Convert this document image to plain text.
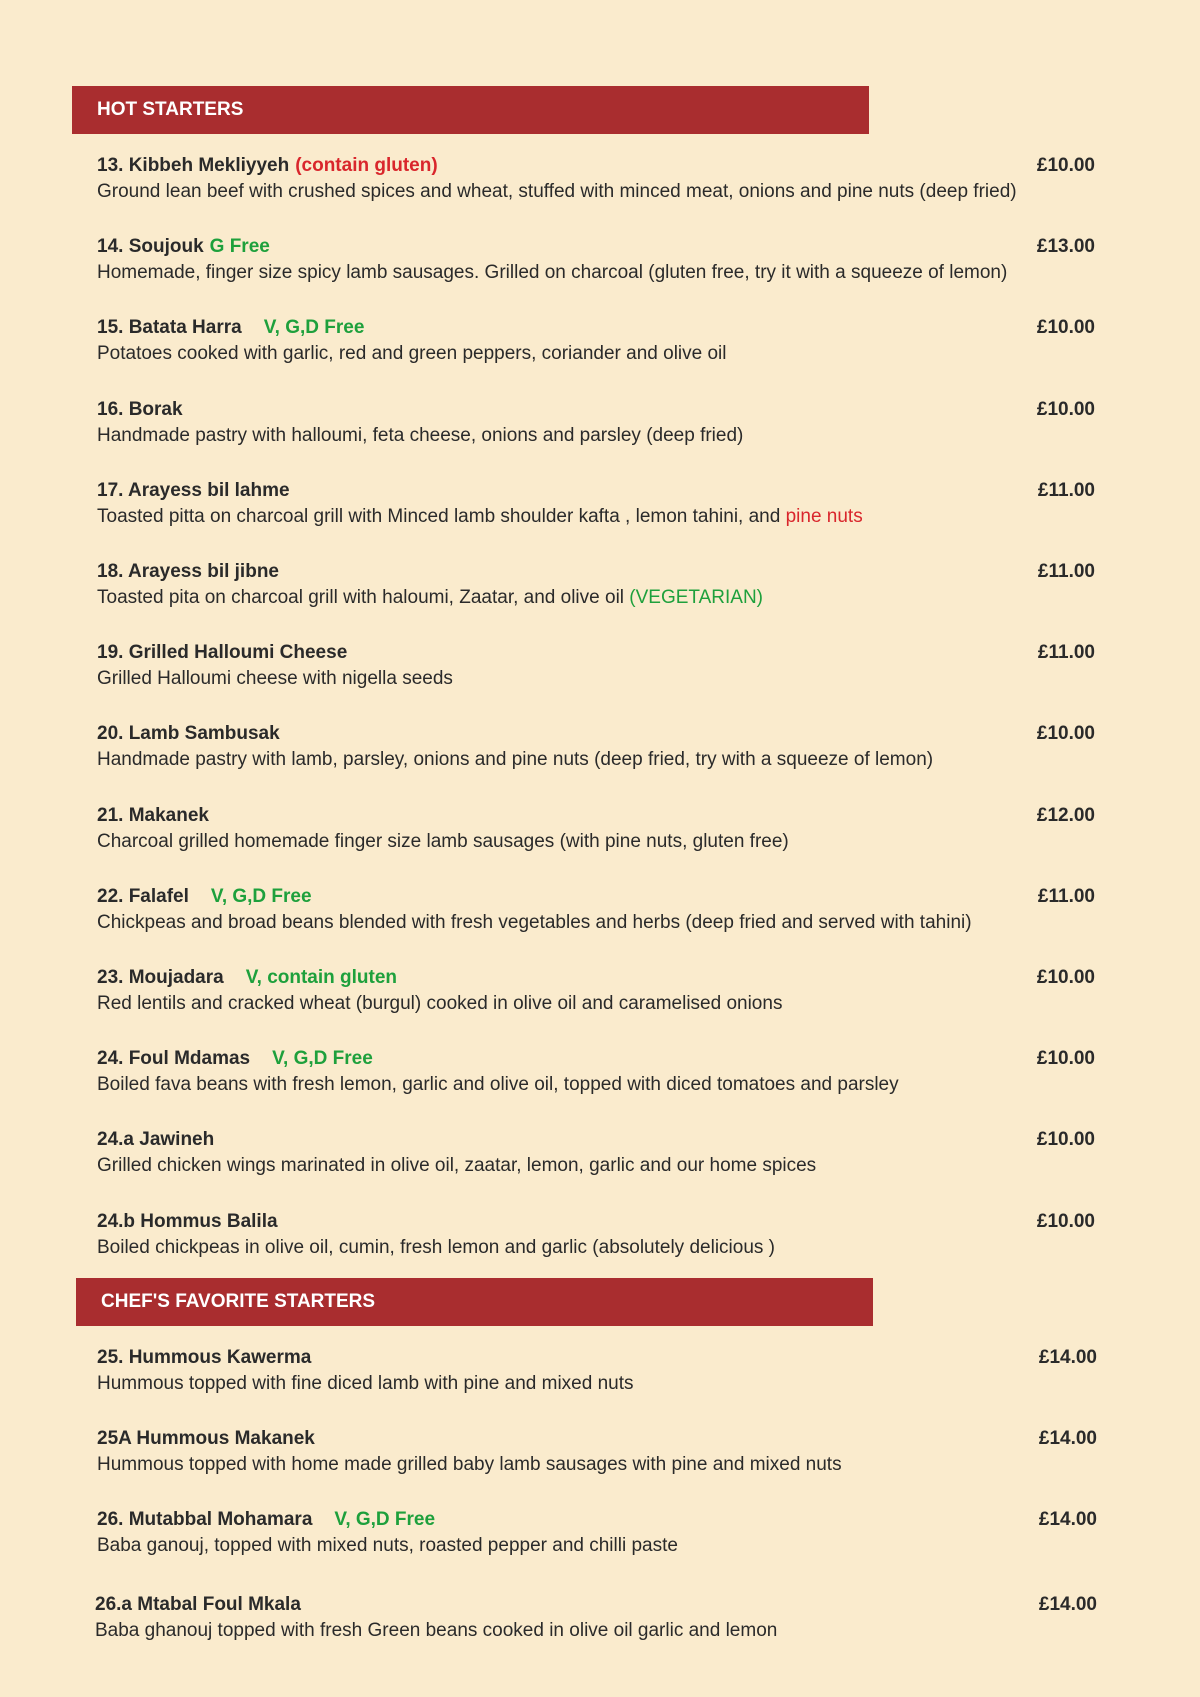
HOT STARTERS
13. Kibbeh Mekliyyeh (contain gluten)	£10.00
Ground lean beef with crushed spices and wheat, stuffed with minced meat, onions and pine nuts (deep fried)
14. Soujouk G Free	£13.00
Homemade, finger size spicy lamb sausages. Grilled on charcoal (gluten free, try it with a squeeze of lemon)
15. Batata Harra V, G,D Free	£10.00
Potatoes cooked with garlic, red and green peppers, coriander and olive oil
16. Borak	£10.00
Handmade pastry with halloumi, feta cheese, onions and parsley (deep fried)
17. Arayess bil lahme	£11.00
Toasted pitta on charcoal grill with Minced lamb shoulder kafta , lemon tahini, and pine nuts
18. Arayess bil jibne	£11.00
Toasted pita on charcoal grill with haloumi, Zaatar, and olive oil (VEGETARIAN)
19. Grilled Halloumi Cheese	£11.00
Grilled Halloumi cheese with nigella seeds
20. Lamb Sambusak	£10.00
Handmade pastry with lamb, parsley, onions and pine nuts (deep fried, try with a squeeze of lemon)
21. Makanek	£12.00
Charcoal grilled homemade finger size lamb sausages (with pine nuts, gluten free)
22. Falafel V, G,D Free	£11.00
Chickpeas and broad beans blended with fresh vegetables and herbs (deep fried and served with tahini)
23. Moujadara V, contain gluten	£10.00
Red lentils and cracked wheat (burgul) cooked in olive oil and caramelised onions
24. Foul Mdamas V, G,D Free	£10.00
Boiled fava beans with fresh lemon, garlic and olive oil, topped with diced tomatoes and parsley
24.a Jawineh	£10.00
Grilled chicken wings marinated in olive oil, zaatar, lemon, garlic and our home spices
24.b Hommus Balila	£10.00
Boiled chickpeas in olive oil, cumin, fresh lemon and garlic (absolutely delicious )
CHEF'S FAVORITE STARTERS
25. Hummous Kawerma	£14.00
Hummous topped with fine diced lamb with pine and mixed nuts
25A Hummous Makanek	£14.00
Hummous topped with home made grilled baby lamb sausages with pine and mixed nuts
26. Mutabbal Mohamara V, G,D Free	£14.00
Baba ganouj, topped with mixed nuts, roasted pepper and chilli paste
26.a Mtabal Foul Mkala	£14.00
Baba ghanouj topped with fresh Green beans cooked in olive oil garlic and lemon
